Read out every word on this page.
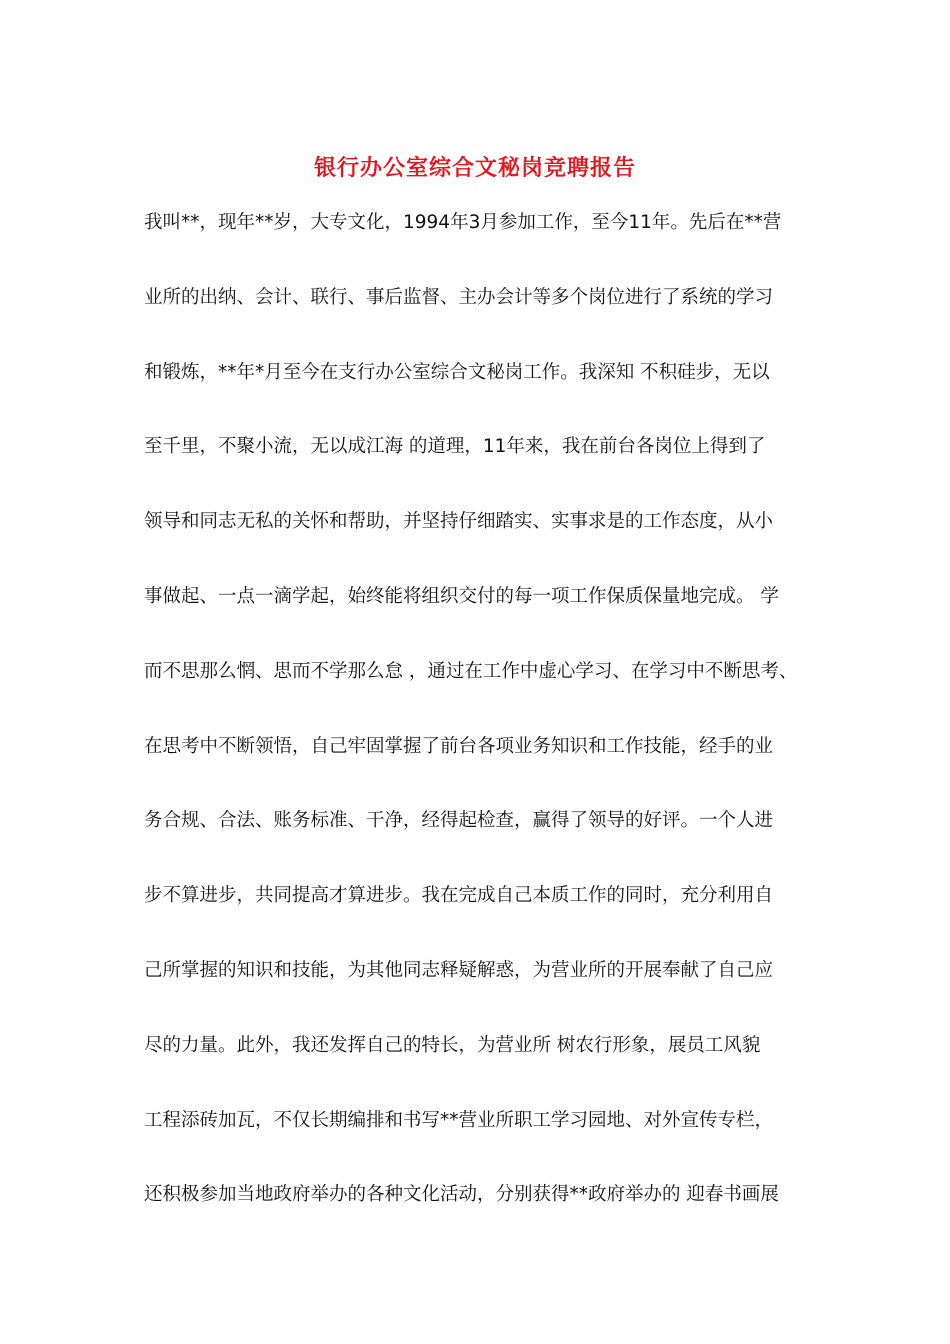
银行办公室综合文秘岗竞聘报告
我叫**，现年**岁，大专文化，1994年3月参加工作，至今11年。先后在**营
业所的出纳、会计、联行、事后监督、主办会计等多个岗位进行了系统的学习
和锻炼，**年*月至今在支行办公室综合文秘岗工作。我深知 不积硅步，无以
至千里，不聚小流，无以成江海 的道理，11年来，我在前台各岗位上得到了
领导和同志无私的关怀和帮助，并坚持仔细踏实、实事求是的工作态度，从小
事做起、一点一滴学起，始终能将组织交付的每一项工作保质保量地完成。 学
而不思那么惘、思而不学那么怠 ，通过在工作中虚心学习、在学习中不断思考、
在思考中不断领悟，自己牢固掌握了前台各项业务知识和工作技能，经手的业
务合规、合法、账务标准、干净，经得起检查，赢得了领导的好评。一个人进
步不算进步，共同提高才算进步。我在完成自己本质工作的同时，充分利用自
己所掌握的知识和技能，为其他同志释疑解惑，为营业所的开展奉献了自己应
尽的力量。此外，我还发挥自己的特长，为营业所 树农行形象，展员工风貌
工程添砖加瓦，不仅长期编排和书写**营业所职工学习园地、对外宣传专栏，
还积极参加当地政府举办的各种文化活动，分别获得**政府举办的 迎春书画展
